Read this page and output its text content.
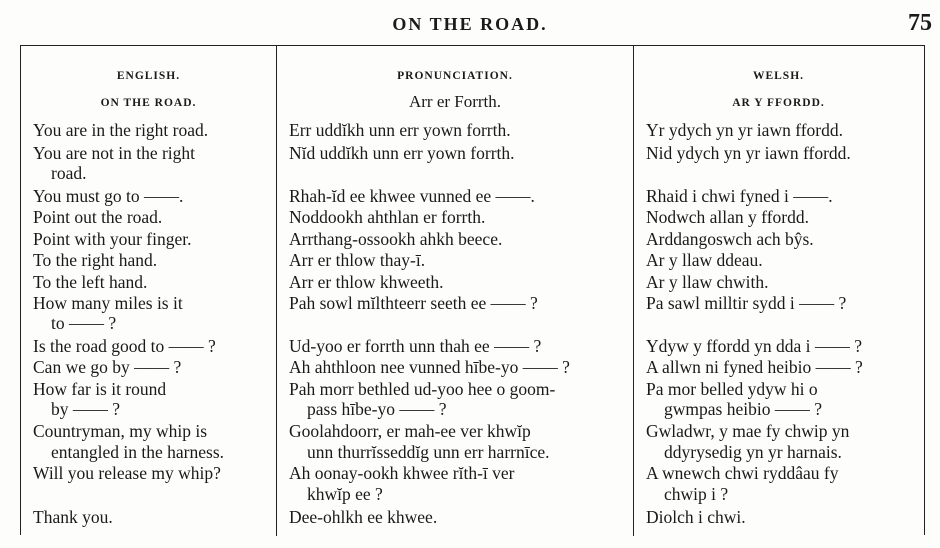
ON THE ROAD.	75
ENGLISH.
ON THE ROAD.
You are in the right road.
You are not in the right
road.
You must go to ——.
Point out the road.
Point with your finger.
To the right hand.
To the left hand.
How many miles is it
to —— ?
Is the road good to —— ?
Can we go by —— ?
How far is it round
by —— ?
Countryman, my whip is
entangled in the harness.
Will you release my whip?
Thank you.
PRONUNCIATION.
Arr er Forrth.
Err uddĭkh unn err yown forrth.
Nĭd uddĭkh unn err yown forrth.
Rhah-ĭd ee khwee vunned ee ——.
Noddookh ahthlan er forrth.
Arrthang-ossookh ahkh beece.
Arr er thlow thay-ī.
Arr er thlow khweeth.
Pah sowl mĭlthteerr seeth ee —— ?
Ud-yoo er forrth unn thah ee —— ?
Ah ahthloon nee vunned hībe-yo —— ?
Pah morr bethled ud-yoo hee o goom-
pass hībe-yo —— ?
Goolahdoorr, er mah-ee ver khwĭp
unn thurrĭsseddĭg unn err harrnīce.
Ah oonay-ookh khwee rĭth-ī ver
khwĭp ee ?
Dee-ohlkh ee khwee.
WELSH.
AR Y FFORDD.
Yr ydych yn yr iawn ffordd.
Nid ydych yn yr iawn ffordd.
Rhaid i chwi fyned i ——.
Nodwch allan y ffordd.
Arddangoswch ach bŷs.
Ar y llaw ddeau.
Ar y llaw chwith.
Pa sawl milltir sydd i —— ?
Ydyw y ffordd yn dda i —— ?
A allwn ni fyned heibio —— ?
Pa mor belled ydyw hi o
gwmpas heibio —— ?
Gwladwr, y mae fy chwip yn
ddyrysedig yn yr harnais.
A wnewch chwi ryddâau fy
chwip i ?
Diolch i chwi.
